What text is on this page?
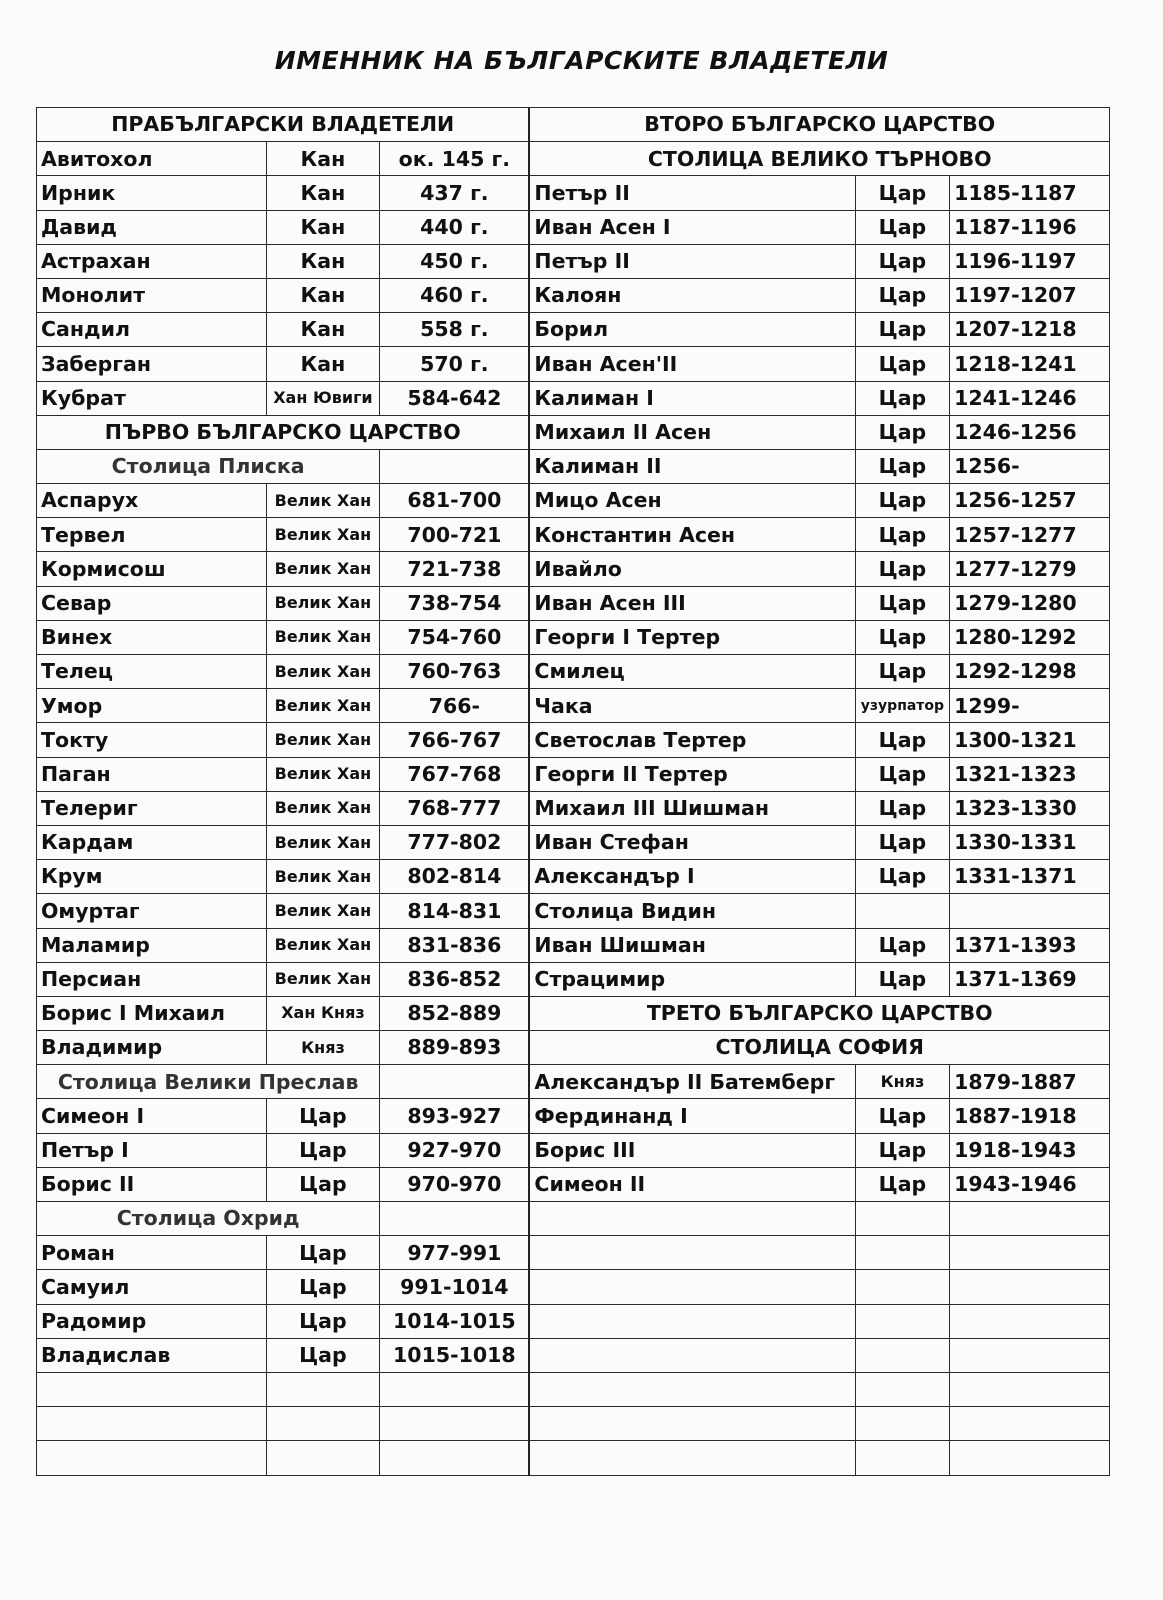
ИМЕННИК НА БЪЛГАРСКИТЕ ВЛАДЕТЕЛИ
ПРАБЪЛГАРСКИ ВЛАДЕТЕЛИ			ВТОРО БЪЛГАРСКО ЦАРСТВО		
Авитохол	Кан	ок. 145 г.	СТОЛИЦА ВЕЛИКО ТЪРНОВО		
Ирник	Кан	437 г.	Петър ІІ	Цар	1185-1187
Давид	Кан	440 г.	Иван Асен І	Цар	1187-1196
Астрахан	Кан	450 г.	Петър ІІ	Цар	1196-1197
Монолит	Кан	460 г.	Калоян	Цар	1197-1207
Сандил	Кан	558 г.	Борил	Цар	1207-1218
Заберган	Кан	570 г.	Иван Асен'ІІ	Цар	1218-1241
Кубрат	Хан Ювиги	584-642	Калиман І	Цар	1241-1246
ПЪРВО БЪЛГАРСКО ЦАРСТВО			Михаил ІІ Асен	Цар	1246-1256
Столица Плиска			Калиман ІІ	Цар	1256-
Аспарух	Велик Хан	681-700	Мицо Асен	Цар	1256-1257
Тервел	Велик Хан	700-721	Константин Асен	Цар	1257-1277
Кормисош	Велик Хан	721-738	Ивайло	Цар	1277-1279
Севар	Велик Хан	738-754	Иван Асен ІІІ	Цар	1279-1280
Винех	Велик Хан	754-760	Георги І Тертер	Цар	1280-1292
Телец	Велик Хан	760-763	Смилец	Цар	1292-1298
Умор	Велик Хан	766-	Чака	узурпатор	1299-
Токту	Велик Хан	766-767	Светослав Тертер	Цар	1300-1321
Паган	Велик Хан	767-768	Георги ІІ Тертер	Цар	1321-1323
Телериг	Велик Хан	768-777	Михаил ІІІ Шишман	Цар	1323-1330
Кардам	Велик Хан	777-802	Иван Стефан	Цар	1330-1331
Крум	Велик Хан	802-814	Александър І	Цар	1331-1371
Омуртаг	Велик Хан	814-831	Столица Видин		
Маламир	Велик Хан	831-836	Иван Шишман	Цар	1371-1393
Персиан	Велик Хан	836-852	Страцимир	Цар	1371-1369
Борис І Михаил	Хан Княз	852-889	ТРЕТО БЪЛГАРСКО ЦАРСТВО		
Владимир	Княз	889-893	СТОЛИЦА СОФИЯ		
Столица Велики Преслав			Александър ІІ Батемберг	Княз	1879-1887
Симеон І	Цар	893-927	Фердинанд І	Цар	1887-1918
Петър І	Цар	927-970	Борис ІІІ	Цар	1918-1943
Борис ІІ	Цар	970-970	Симеон ІІ	Цар	1943-1946
Столица Охрид					
Роман	Цар	977-991			
Самуил	Цар	991-1014			
Радомир	Цар	1014-1015			
Владислав	Цар	1015-1018			
